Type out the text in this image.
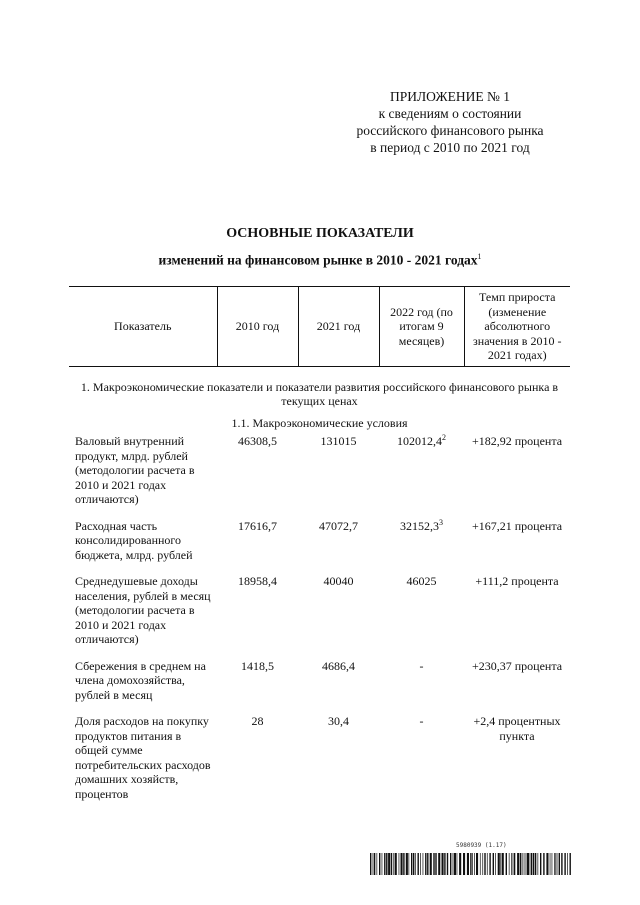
ПРИЛОЖЕНИЕ № 1
к сведениям о состоянии
российского финансового рынка
в период с 2010 по 2021 год
ОСНОВНЫЕ ПОКАЗАТЕЛИ
изменений на финансовом рынке в 2010 - 2021 годах$^1$
Показатель	2010 год	2021 год	2022 год (по итогам 9 месяцев)	Темп прироста (изменение абсолютного значения в 2010 - 2021 годах)
1. Макроэкономические показатели и показатели развития российского финансового рынка в текущих ценах				
1.1. Макроэкономические условия				
Валовый внутренний продукт, млрд. рублей (методологии расчета в 2010 и 2021 годах отличаются)	46308,5	131015	$102012,4^2$	+182,92 процента
Расходная часть консолидированного бюджета, млрд. рублей	17616,7	47072,7	$32152,3^3$	+167,21 процента
Среднедушевые доходы населения, рублей в месяц (методологии расчета в 2010 и 2021 годах отличаются)	18958,4	40040	46025	+111,2 процента
Сбережения в среднем на члена домохозяйства, рублей в месяц	1418,5	4686,4	-	+230,37 процента
Доля расходов на покупку продуктов питания в общей сумме потребительских расходов домашних хозяйств, процентов	28	30,4	-	+2,4 процентных пункта
5980939 (1.17)
